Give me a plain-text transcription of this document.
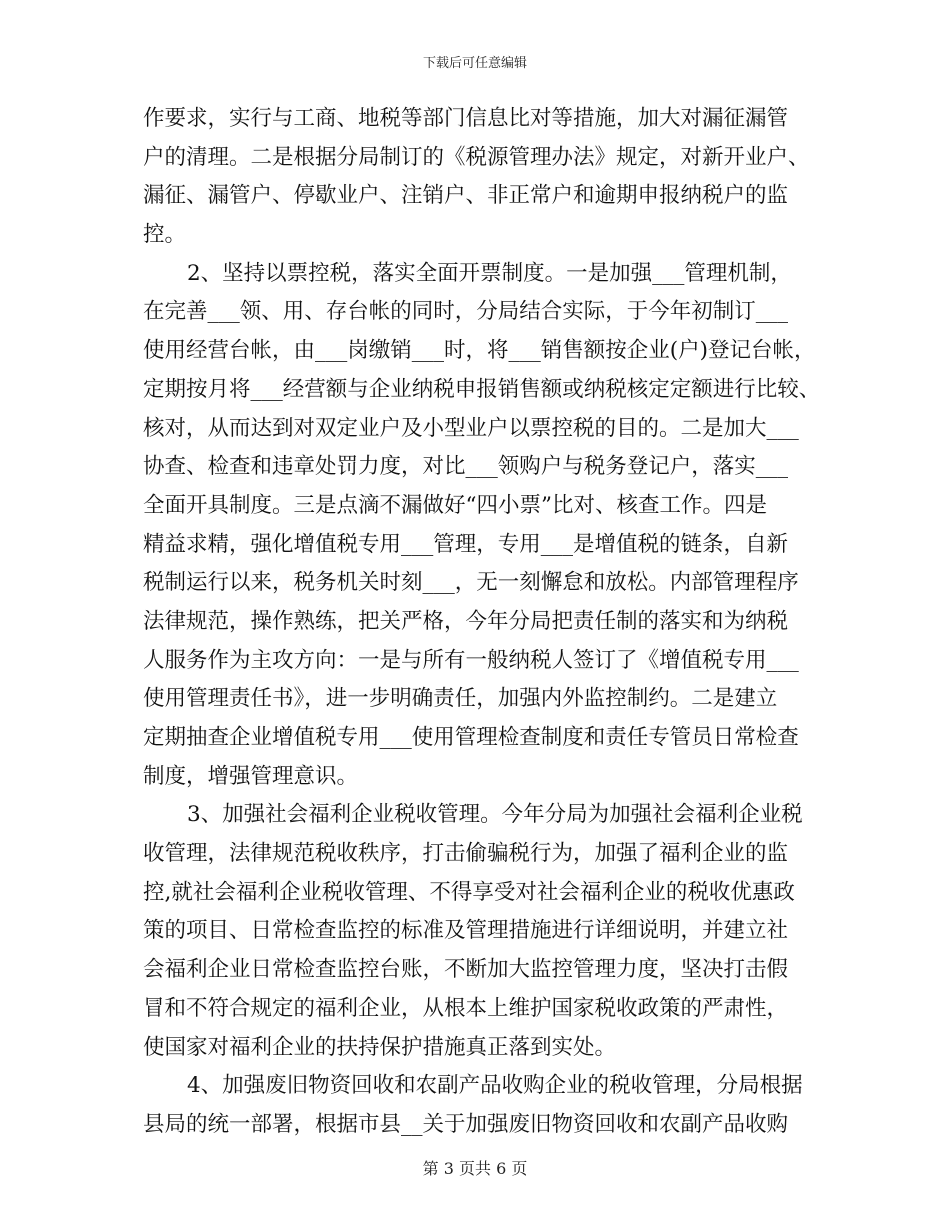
下载后可任意编辑
作要求，实行与工商、地税等部门信息比对等措施，加大对漏征漏管
户的清理。二是根据分局制订的《税源管理办法》规定，对新开业户、
漏征、漏管户、停歇业户、注销户、非正常户和逾期申报纳税户的监
控。
2、坚持以票控税，落实全面开票制度。一是加强___管理机制，
在完善___领、用、存台帐的同时，分局结合实际，于今年初制订___
使用经营台帐，由___岗缴销___时，将___销售额按企业(户)登记台帐，
定期按月将___经营额与企业纳税申报销售额或纳税核定定额进行比较、
核对，从而达到对双定业户及小型业户以票控税的目的。二是加大___
协查、检查和违章处罚力度，对比___领购户与税务登记户，落实___
全面开具制度。三是点滴不漏做好“四小票”比对、核查工作。四是
精益求精，强化增值税专用___管理，专用___是增值税的链条，自新
税制运行以来，税务机关时刻___，无一刻懈怠和放松。内部管理程序
法律规范，操作熟练，把关严格，今年分局把责任制的落实和为纳税
人服务作为主攻方向：一是与所有一般纳税人签订了《增值税专用___
使用管理责任书》，进一步明确责任，加强内外监控制约。二是建立
定期抽查企业增值税专用___使用管理检查制度和责任专管员日常检查
制度，增强管理意识。
3、加强社会福利企业税收管理。今年分局为加强社会福利企业税
收管理，法律规范税收秩序，打击偷骗税行为，加强了福利企业的监
控,就社会福利企业税收管理、不得享受对社会福利企业的税收优惠政
策的项目、日常检查监控的标准及管理措施进行详细说明，并建立社
会福利企业日常检查监控台账，不断加大监控管理力度，坚决打击假
冒和不符合规定的福利企业，从根本上维护国家税收政策的严肃性，
使国家对福利企业的扶持保护措施真正落到实处。
4、加强废旧物资回收和农副产品收购企业的税收管理，分局根据
县局的统一部署，根据市县__关于加强废旧物资回收和农副产品收购
第 3 页共 6 页
